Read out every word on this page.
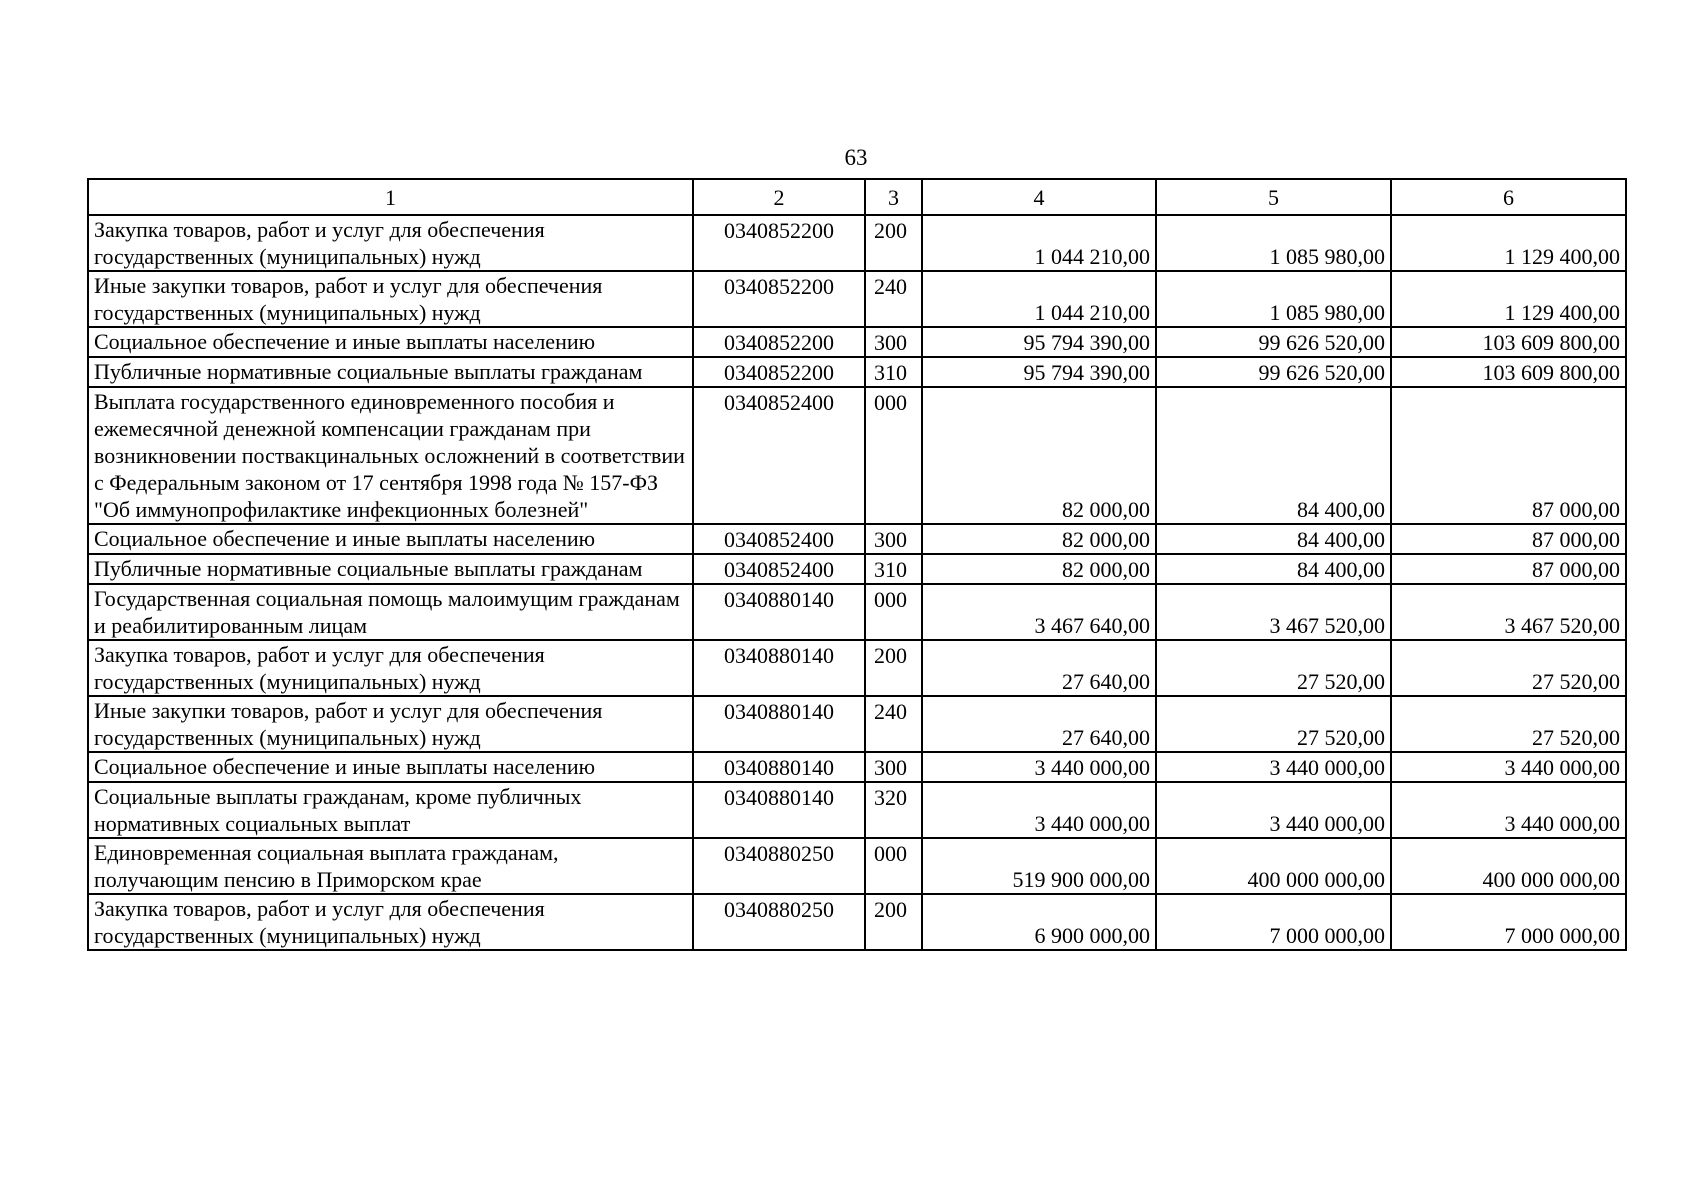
63
1	2	3	4	5	6
Закупка товаров, работ и услуг для обеспечения государственных (муниципальных) нужд	0340852200	200	1 044 210,00	1 085 980,00	1 129 400,00
Иные закупки товаров, работ и услуг для обеспечения государственных (муниципальных) нужд	0340852200	240	1 044 210,00	1 085 980,00	1 129 400,00
Социальное обеспечение и иные выплаты населению	0340852200	300	95 794 390,00	99 626 520,00	103 609 800,00
Публичные нормативные социальные выплаты гражданам	0340852200	310	95 794 390,00	99 626 520,00	103 609 800,00
Выплата государственного единовременного пособия и ежемесячной денежной компенсации гражданам при возникновении поствакцинальных осложнений в соответствии с Федеральным законом от 17 сентября 1998 года № 157-ФЗ "Об иммунопрофилактике инфекционных болезней"	0340852400	000	82 000,00	84 400,00	87 000,00
Социальное обеспечение и иные выплаты населению	0340852400	300	82 000,00	84 400,00	87 000,00
Публичные нормативные социальные выплаты гражданам	0340852400	310	82 000,00	84 400,00	87 000,00
Государственная социальная помощь малоимущим гражданам и реабилитированным лицам	0340880140	000	3 467 640,00	3 467 520,00	3 467 520,00
Закупка товаров, работ и услуг для обеспечения государственных (муниципальных) нужд	0340880140	200	27 640,00	27 520,00	27 520,00
Иные закупки товаров, работ и услуг для обеспечения государственных (муниципальных) нужд	0340880140	240	27 640,00	27 520,00	27 520,00
Социальное обеспечение и иные выплаты населению	0340880140	300	3 440 000,00	3 440 000,00	3 440 000,00
Социальные выплаты гражданам, кроме публичных нормативных социальных выплат	0340880140	320	3 440 000,00	3 440 000,00	3 440 000,00
Единовременная социальная выплата гражданам, получающим пенсию в Приморском крае	0340880250	000	519 900 000,00	400 000 000,00	400 000 000,00
Закупка товаров, работ и услуг для обеспечения государственных (муниципальных) нужд	0340880250	200	6 900 000,00	7 000 000,00	7 000 000,00
